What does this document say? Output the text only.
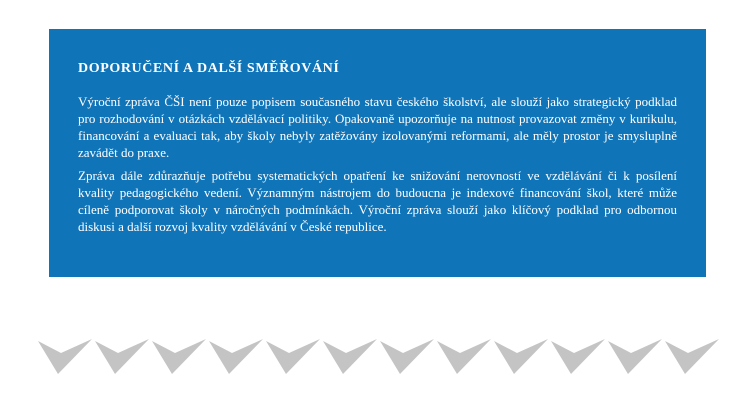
DOPORUČENÍ A DALŠÍ SMĚŘOVÁNÍ

Výroční zpráva ČŠI není pouze popisem současného stavu českého školství, ale slouží jako strategický podklad pro rozhodování v otázkách vzdělávací politiky. Opakovaně upozorňuje na nutnost provazovat změny v kurikulu, financování a evaluaci tak, aby školy nebyly zatěžovány izolovanými reformami, ale měly prostor je smysluplně zavádět do praxe.

Zpráva dále zdůrazňuje potřebu systematických opatření ke snižování nerovností ve vzdělávání či k posílení kvality pedagogického vedení. Významným nástrojem do budoucna je indexové financování škol, které může cíleně podporovat školy v náročných podmínkách. Výroční zpráva slouží jako klíčový podklad pro odbornou diskusi a další rozvoj kvality vzdělávání v České republice.
